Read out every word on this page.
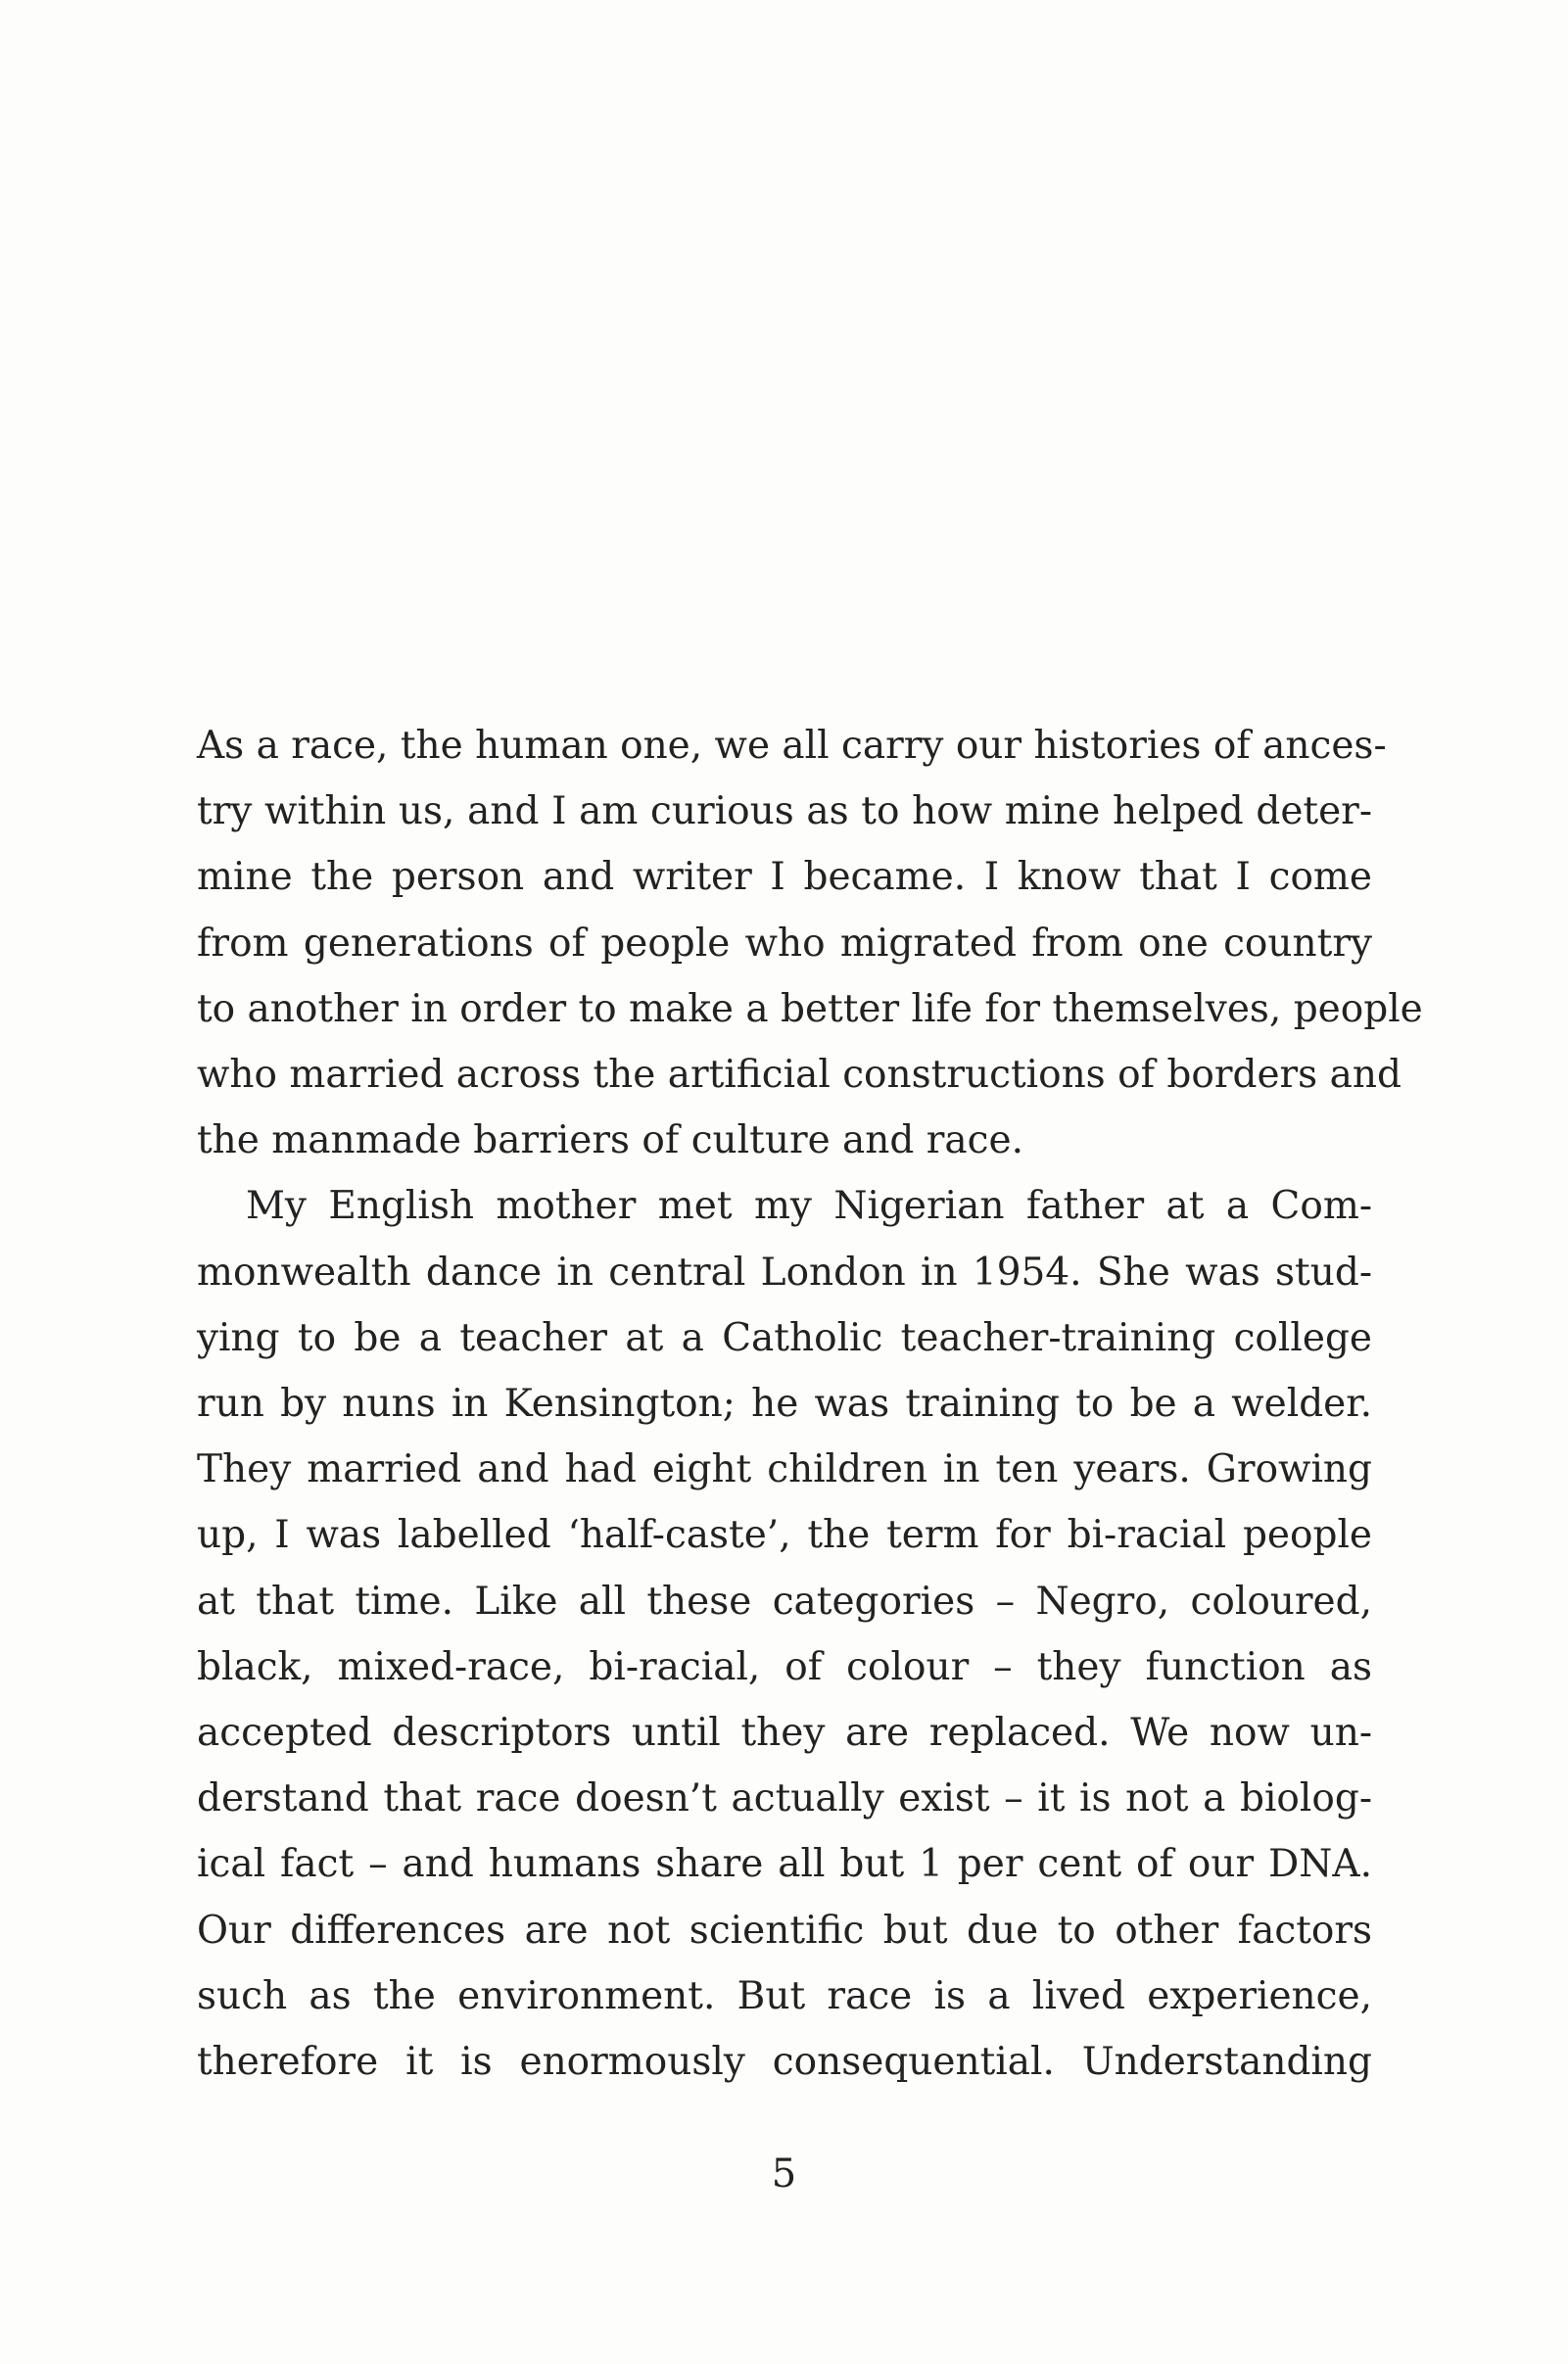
As a race, the human one, we all carry our histories of ances-
try within us, and I am curious as to how mine helped deter-
mine the person and writer I became. I know that I come
from generations of people who migrated from one country
to another in order to make a better life for themselves, people
who married across the artificial constructions of borders and
the manmade barriers of culture and race.
My English mother met my Nigerian father at a Com-
monwealth dance in central London in 1954. She was stud-
ying to be a teacher at a Catholic teacher-training college
run by nuns in Kensington; he was training to be a welder.
They married and had eight children in ten years. Growing
up, I was labelled ‘half-caste’, the term for bi-racial people
at that time. Like all these categories – Negro, coloured,
black, mixed-race, bi-racial, of colour – they function as
accepted descriptors until they are replaced. We now un-
derstand that race doesn’t actually exist – it is not a biolog-
ical fact – and humans share all but 1 per cent of our DNA.
Our differences are not scientific but due to other factors
such as the environment. But race is a lived experience,
therefore it is enormously consequential. Understanding
5
